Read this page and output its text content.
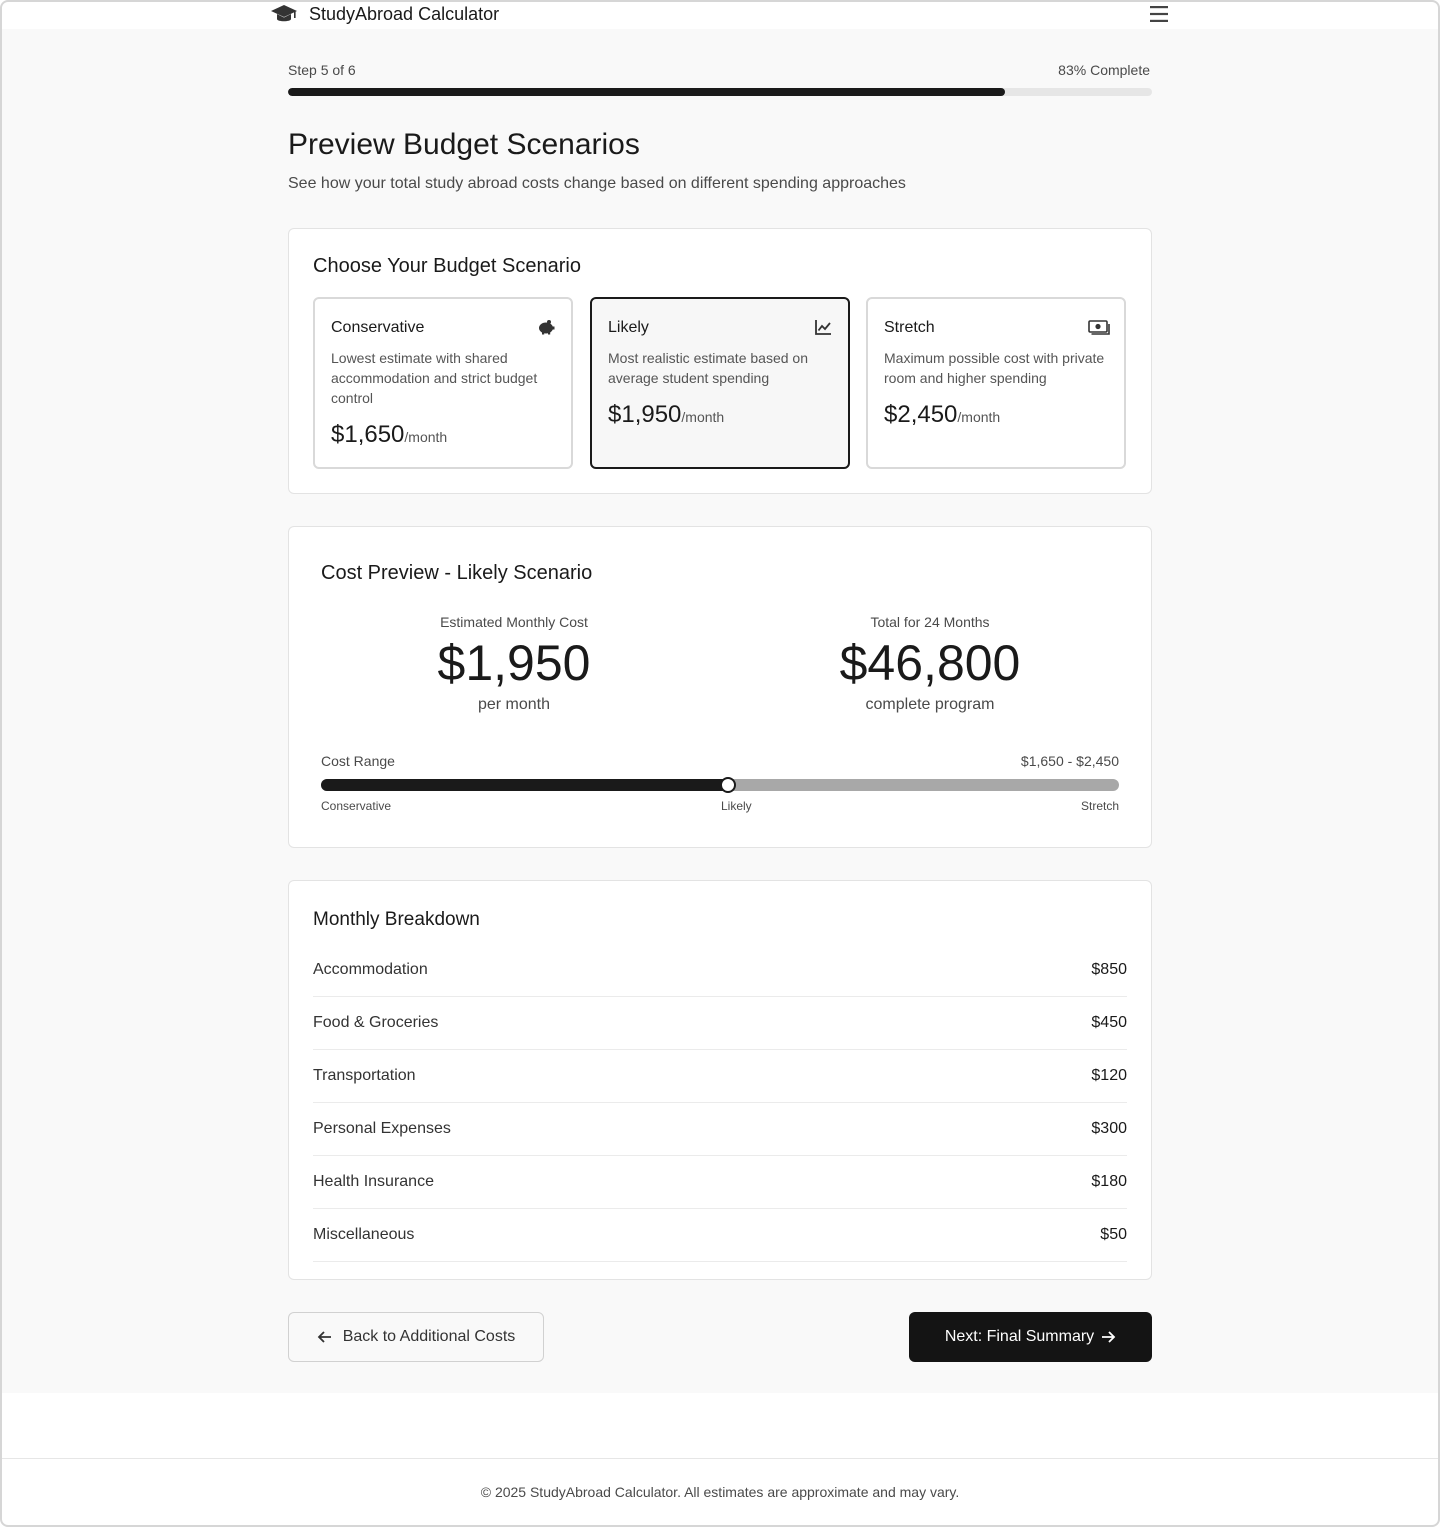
StudyAbroad Calculator
Step 5 of 6	83% Complete
Preview Budget Scenarios

See how your total study abroad costs change based on different spending approaches

Choose Your Budget Scenario
Conservative
Lowest estimate with shared accommodation and strict budget control
$1,650/month
Likely
Most realistic estimate based on average student spending
$1,950/month
Stretch
Maximum possible cost with private room and higher spending
$2,450/month
Cost Preview - Likely Scenario
Estimated Monthly Cost
$1,950
per month
Total for 24 Months
$46,800
complete program
Cost Range	$1,650 - $2,450
Conservative	Likely	Stretch
Monthly Breakdown
Accommodation	$850
Food & Groceries	$450
Transportation	$120
Personal Expenses	$300
Health Insurance	$180
Miscellaneous	$50
Back to Additional Costs	Next: Final Summary
© 2025 StudyAbroad Calculator. All estimates are approximate and may vary.
